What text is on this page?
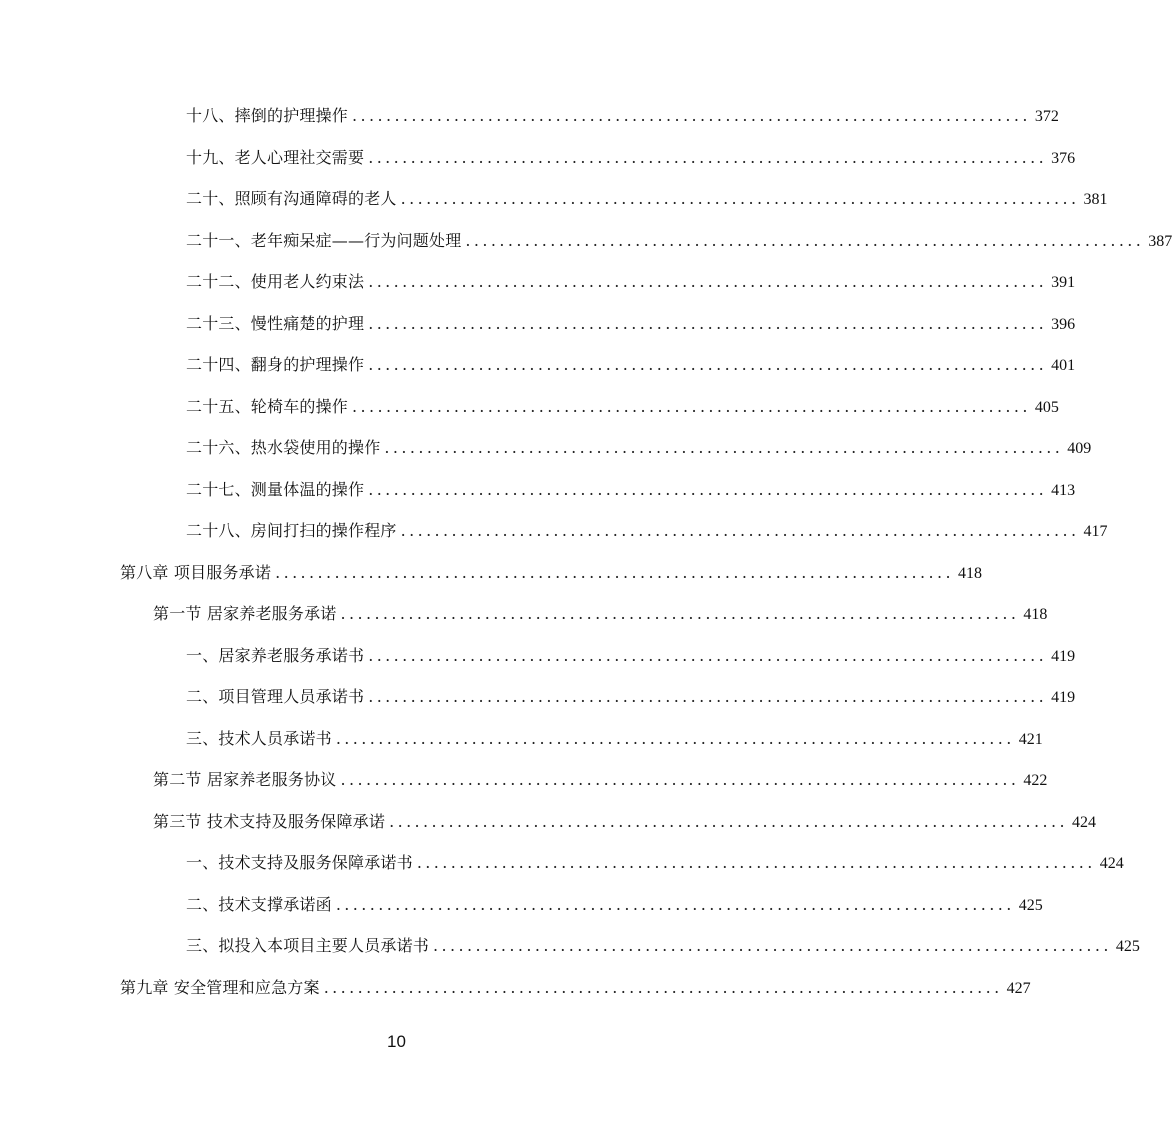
十八、摔倒的护理操作 ................................................................................ 372
十九、老人心理社交需要 ................................................................................ 376
二十、照顾有沟通障碍的老人 ................................................................................ 381
二十一、老年痴呆症——行为问题处理 ................................................................................ 387
二十二、使用老人约束法 ................................................................................ 391
二十三、慢性痛楚的护理 ................................................................................ 396
二十四、翻身的护理操作 ................................................................................ 401
二十五、轮椅车的操作 ................................................................................ 405
二十六、热水袋使用的操作 ................................................................................ 409
二十七、测量体温的操作 ................................................................................ 413
二十八、房间打扫的操作程序 ................................................................................ 417
第八章 项目服务承诺 ................................................................................ 418
第一节 居家养老服务承诺 ................................................................................ 418
一、居家养老服务承诺书 ................................................................................ 419
二、项目管理人员承诺书 ................................................................................ 419
三、技术人员承诺书 ................................................................................ 421
第二节 居家养老服务协议 ................................................................................ 422
第三节 技术支持及服务保障承诺 ................................................................................ 424
一、技术支持及服务保障承诺书 ................................................................................ 424
二、技术支撑承诺函 ................................................................................ 425
三、拟投入本项目主要人员承诺书 ................................................................................ 425
第九章 安全管理和应急方案 ................................................................................ 427
10
